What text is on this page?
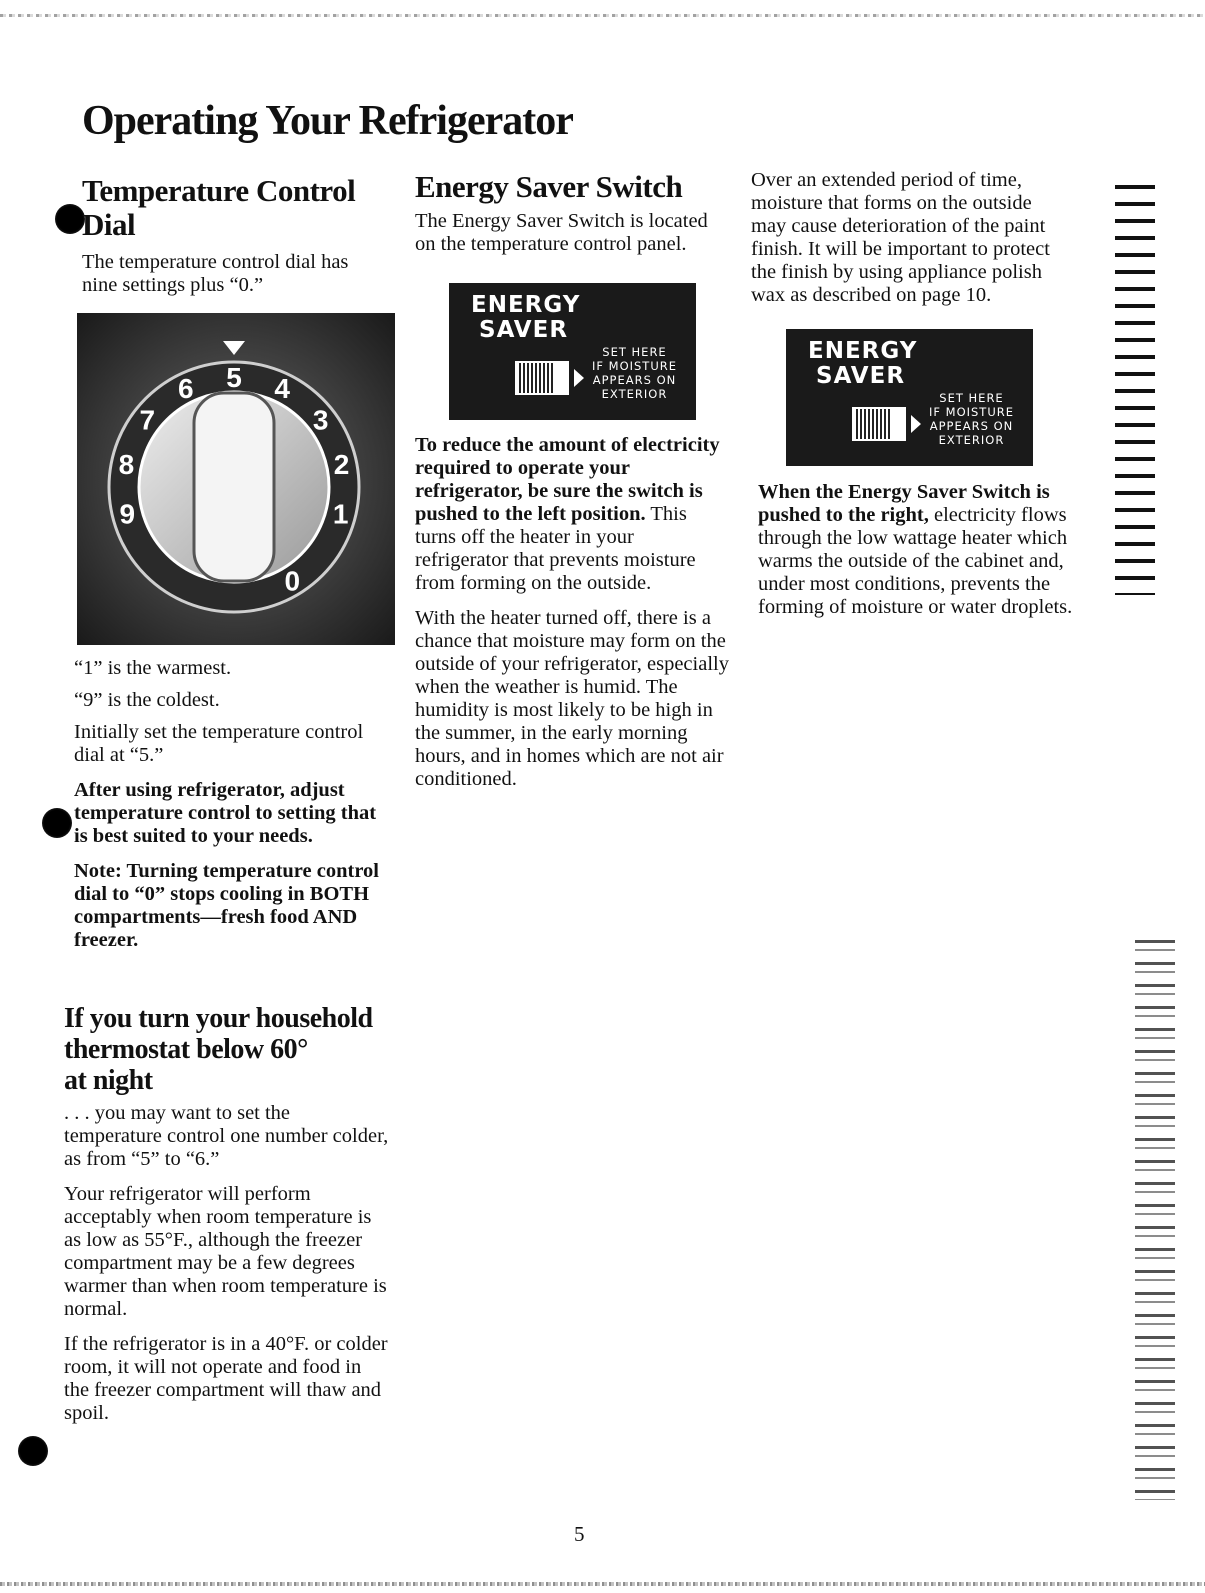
Operating Your Refrigerator
Temperature Control
Dial

The temperature control dial has nine settings plus “0.”

0
1
2
3
4
5
6
7
8
9

“1” is the warmest.

“9” is the coldest.

Initially set the temperature control dial at “5.”

After using refrigerator, adjust temperature control to setting that is best suited to your needs.

Note: Turning temperature control dial to “0” stops cooling in BOTH compartments—fresh food AND freezer.

If you turn your household
thermostat below 60°
at night

. . . you may want to set the temperature control one number colder, as from “5” to “6.”

Your refrigerator will perform acceptably when room temperature is as low as 55°F., although the freezer compartment may be a few degrees warmer than when room temperature is normal.

If the refrigerator is in a 40°F. or colder room, it will not operate and food in the freezer compartment will thaw and spoil.

Energy Saver Switch

The Energy Saver Switch is located on the temperature control panel.

ENERGY
SAVER
SET HERE
IF MOISTURE
APPEARS ON
EXTERIOR

To reduce the amount of electricity required to operate your refrigerator, be sure the switch is pushed to the left position. This turns off the heater in your refrigerator that prevents moisture from forming on the outside.

With the heater turned off, there is a chance that moisture may form on the outside of your refrigerator, especially when the weather is humid. The humidity is most likely to be high in the summer, in the early morning hours, and in homes which are not air conditioned.

Over an extended period of time, moisture that forms on the outside may cause deterioration of the paint finish. It will be important to protect the finish by using appliance polish wax as described on page 10.

ENERGY
SAVER
SET HERE
IF MOISTURE
APPEARS ON
EXTERIOR

When the Energy Saver Switch is pushed to the right, electricity flows through the low wattage heater which warms the outside of the cabinet and, under most conditions, prevents the forming of moisture or water droplets.

5
